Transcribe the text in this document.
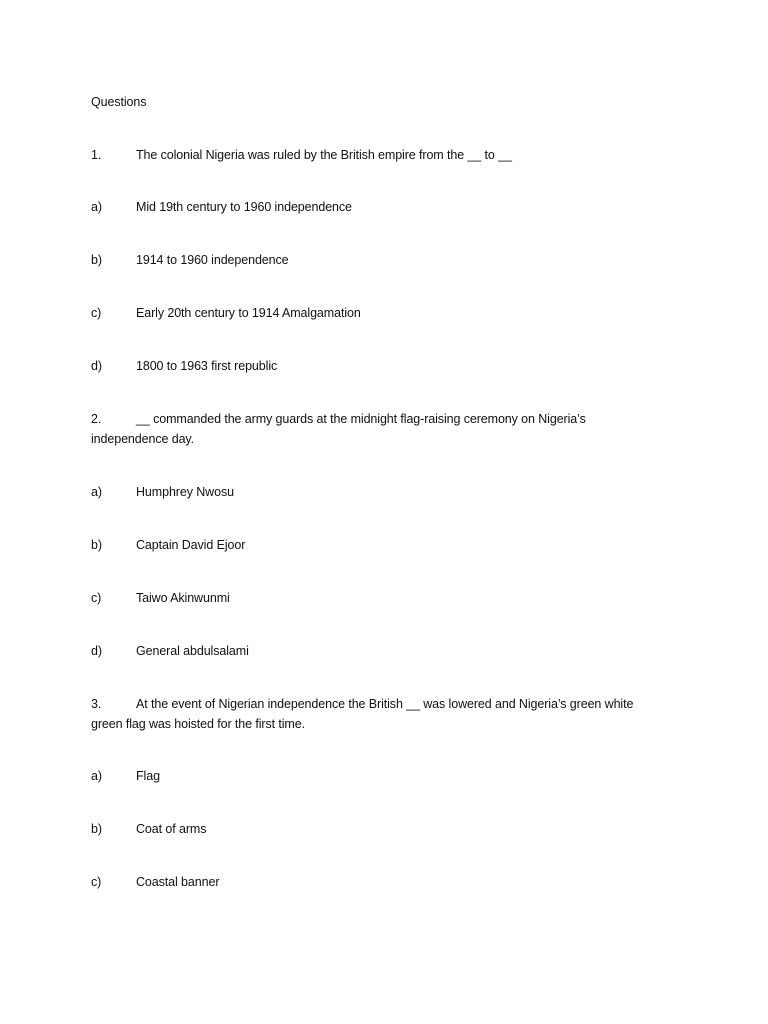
Questions
1.	The colonial Nigeria was ruled by the British empire from the __ to __
a)	Mid 19th century to 1960 independence
b)	1914 to 1960 independence
c)	Early 20th century to 1914 Amalgamation
d)	1800 to 1963 first republic
2.	__ commanded the army guards at the midnight flag-raising ceremony on Nigeria’s
independence day.
a)	Humphrey Nwosu
b)	Captain David Ejoor
c)	Taiwo Akinwunmi
d)	General abdulsalami
3.	At the event of Nigerian independence the British __ was lowered and Nigeria’s green white
green flag was hoisted for the first time.
a)	Flag
b)	Coat of arms
c)	Coastal banner
